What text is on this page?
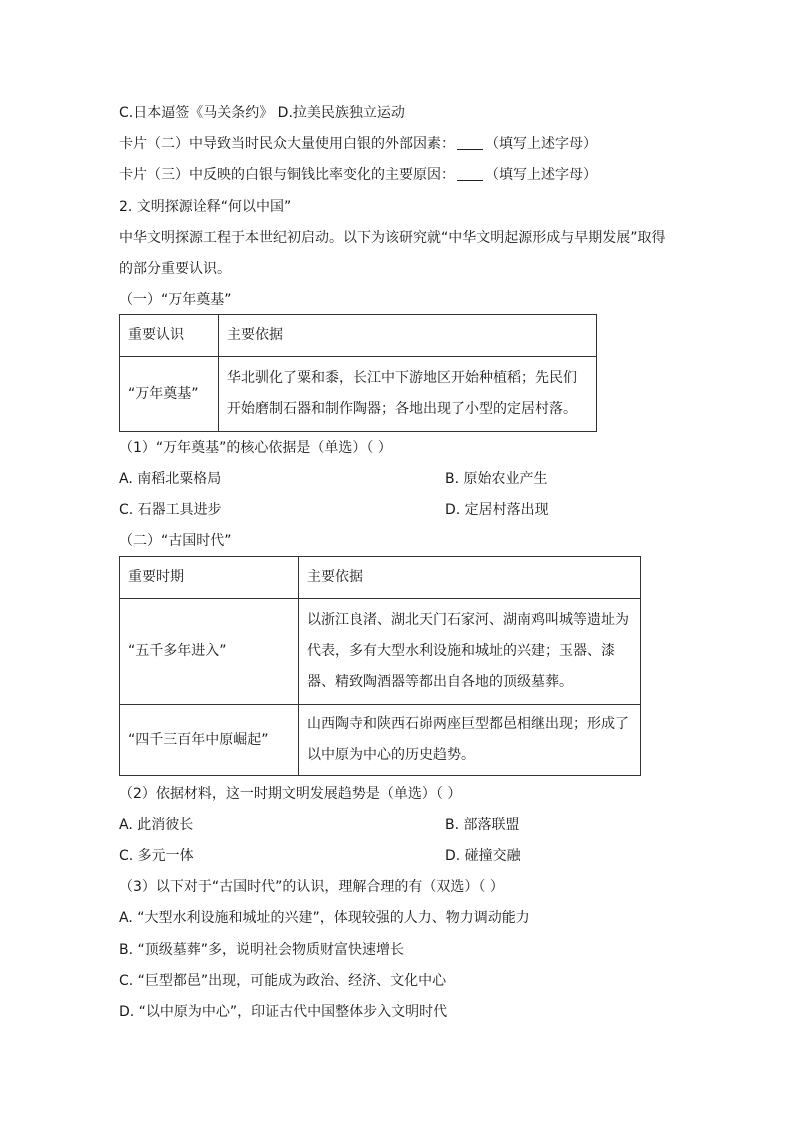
C.日本逼签《马关条约》 D.拉美民族独立运动
卡片（二）中导致当时民众大量使用白银的外部因素： （填写上述字母）
卡片（三）中反映的白银与铜钱比率变化的主要原因： （填写上述字母）
2. 文明探源诠释“何以中国”
中华文明探源工程于本世纪初启动。以下为该研究就“中华文明起源形成与早期发展”取得
的部分重要认识。
（一）“万年奠基”
重要认识	主要依据
“万年奠基”	华北驯化了粟和黍，长江中下游地区开始种植稻；先民们
开始磨制石器和制作陶器；各地出现了小型的定居村落。
（1）“万年奠基”的核心依据是（单选）（ ）
A. 南稻北粟格局	B. 原始农业产生
C. 石器工具进步	D. 定居村落出现
（二）“古国时代”
重要时期	主要依据
“五千多年进入”	以浙江良渚、湖北天门石家河、湖南鸡叫城等遗址为
代表，多有大型水利设施和城址的兴建；玉器、漆
器、精致陶酒器等都出自各地的顶级墓葬。

“四千三百年中原崛起”	山西陶寺和陕西石峁两座巨型都邑相继出现；形成了
以中原为中心的历史趋势。
（2）依据材料，这一时期文明发展趋势是（单选）（ ）
A. 此消彼长	B. 部落联盟
C. 多元一体	D. 碰撞交融
（3）以下对于“古国时代”的认识，理解合理的有（双选）（ ）
A. “大型水利设施和城址的兴建”，体现较强的人力、物力调动能力
B. “顶级墓葬”多，说明社会物质财富快速增长
C. “巨型都邑”出现，可能成为政治、经济、文化中心
D. “以中原为中心”，印证古代中国整体步入文明时代
